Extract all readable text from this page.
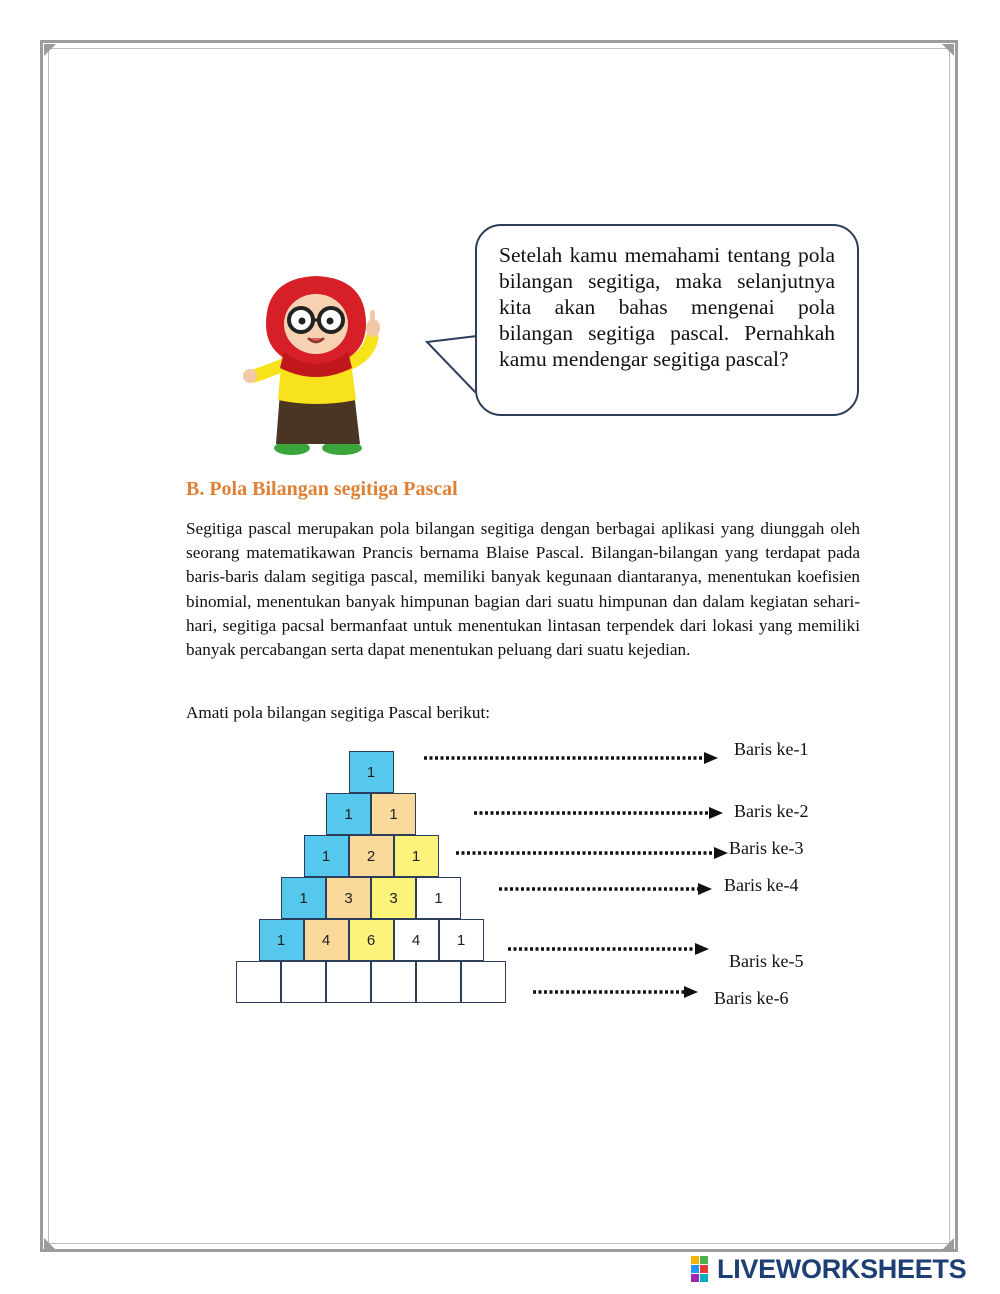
Setelah kamu memahami tentang pola bilangan segitiga, maka selanjutnya kita akan bahas mengenai pola bilangan segitiga pascal. Pernahkah kamu mendengar segitiga pascal?
B. Pola Bilangan segitiga Pascal

Segitiga pascal merupakan pola bilangan segitiga dengan berbagai aplikasi yang diunggah oleh seorang matematikawan Prancis bernama Blaise Pascal. Bilangan-bilangan yang terdapat pada baris-baris dalam segitiga pascal, memiliki banyak kegunaan diantaranya, menentukan koefisien binomial, menentukan banyak himpunan bagian dari suatu himpunan dan dalam kegiatan sehari-hari, segitiga pacsal bermanfaat untuk menentukan lintasan terpendek dari lokasi yang memiliki banyak percabangan serta dapat menentukan peluang dari suatu kejedian.

Amati pola bilangan segitiga Pascal berikut:

1
1	1
1	2	1
1	3	3	1
1	4	6	4	1
Baris ke-1
Baris ke-2
Baris ke-3
Baris ke-4
Baris ke-5
Baris ke-6
LIVEWORKSHEETS
